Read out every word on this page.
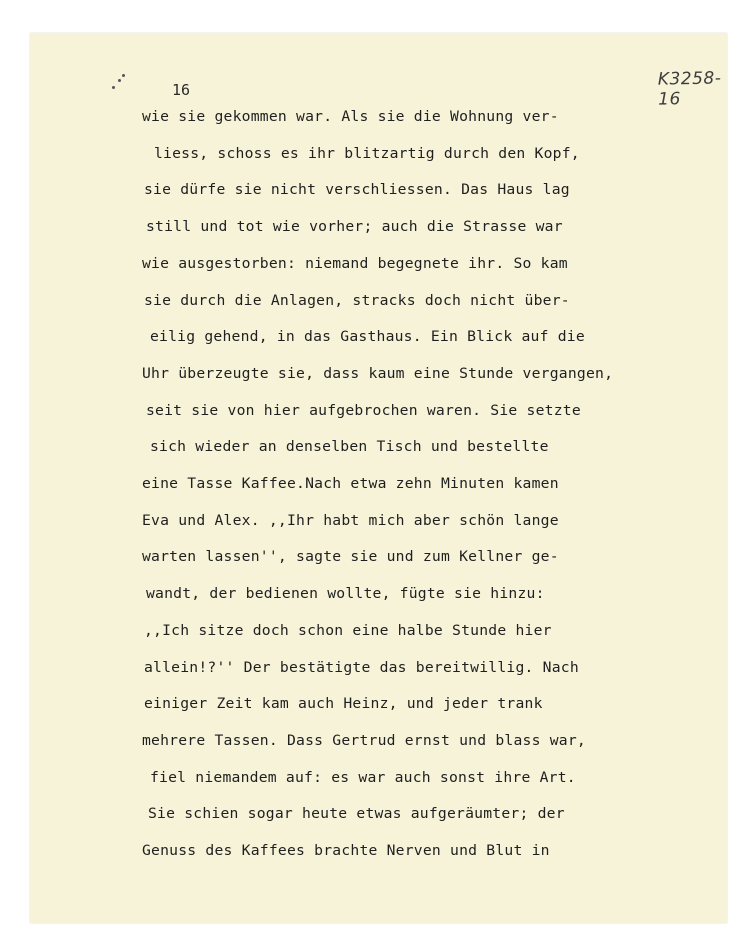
16
K3258-16
wie sie gekommen war. Als sie die Wohnung ver-
liess, schoss es ihr blitzartig durch den Kopf,
sie dürfe sie nicht verschliessen. Das Haus lag
still und tot wie vorher; auch die Strasse war
wie ausgestorben: niemand begegnete ihr. So kam
sie durch die Anlagen, stracks doch nicht über-
eilig gehend, in das Gasthaus. Ein Blick auf die
Uhr überzeugte sie, dass kaum eine Stunde vergangen,
seit sie von hier aufgebrochen waren. Sie setzte
sich wieder an denselben Tisch und bestellte
eine Tasse Kaffee.Nach etwa zehn Minuten kamen
Eva und Alex. ,,Ihr habt mich aber schön lange
warten lassen'', sagte sie und zum Kellner ge-
wandt, der bedienen wollte, fügte sie hinzu:
,,Ich sitze doch schon eine halbe Stunde hier
allein!?'' Der bestätigte das bereitwillig. Nach
einiger Zeit kam auch Heinz, und jeder trank
mehrere Tassen. Dass Gertrud ernst und blass war,
fiel niemandem auf: es war auch sonst ihre Art.
Sie schien sogar heute etwas aufgeräumter; der
Genuss des Kaffees brachte Nerven und Blut in
